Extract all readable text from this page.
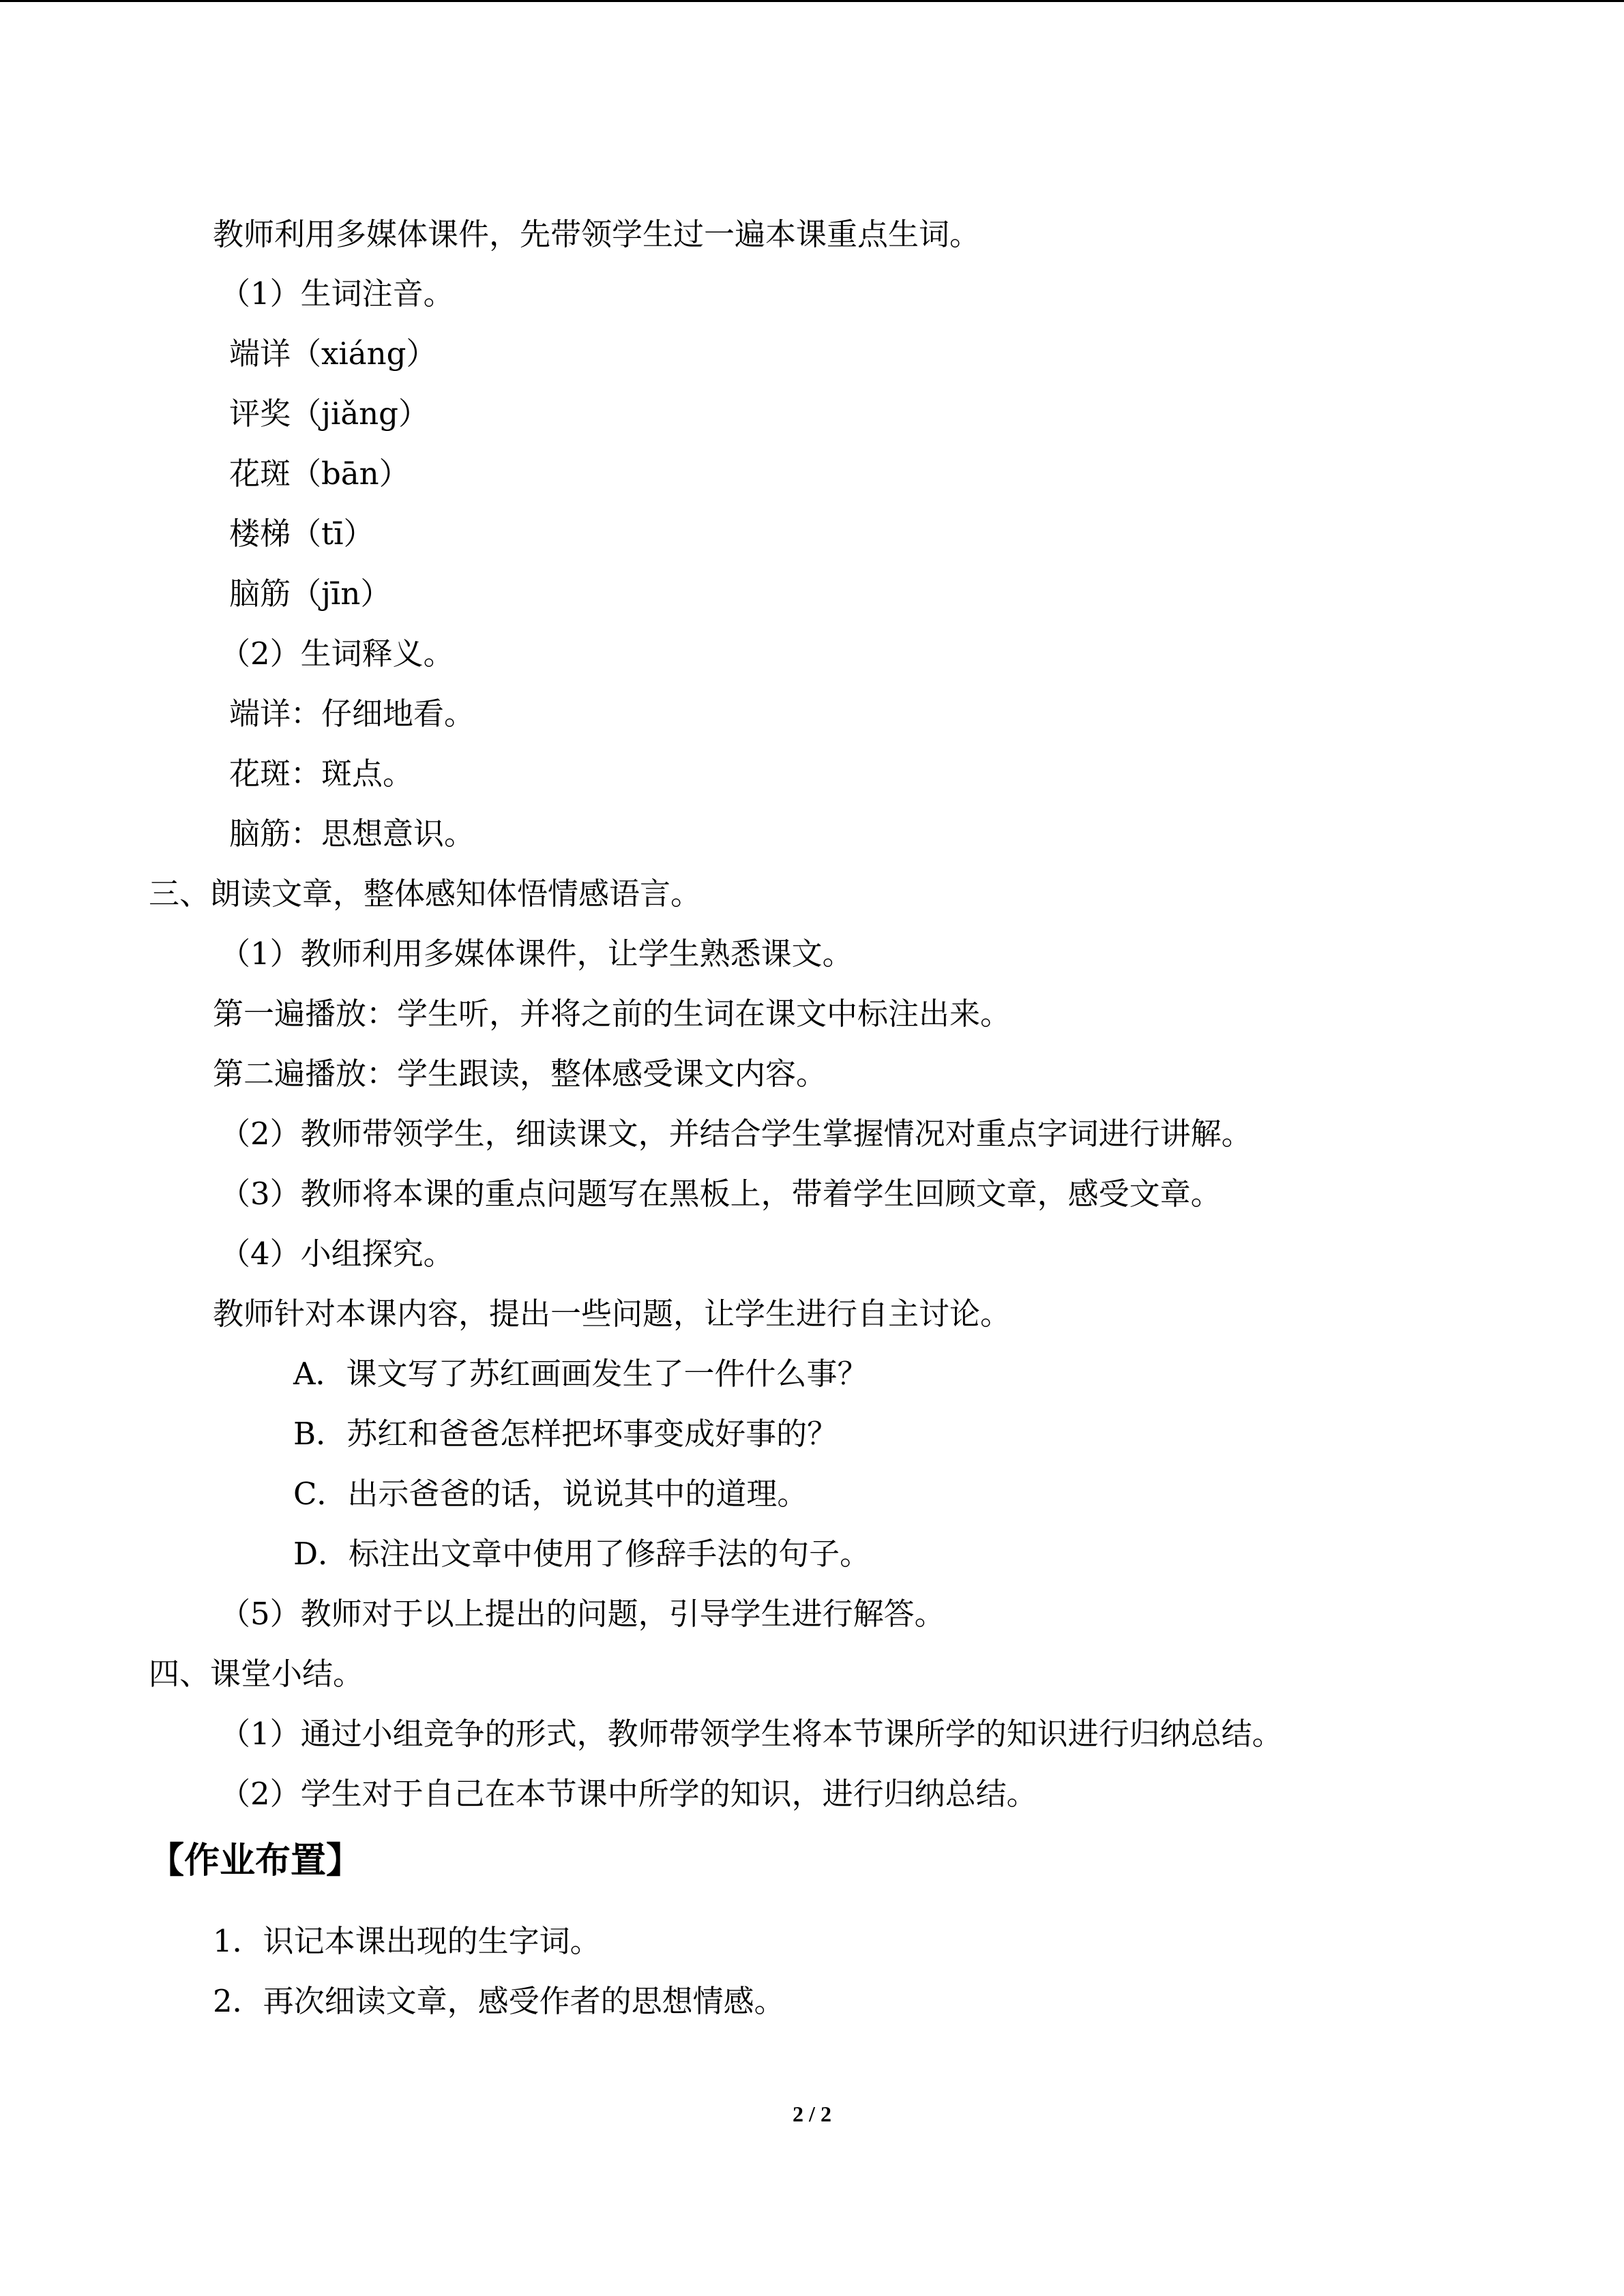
教师利用多媒体课件，先带领学生过一遍本课重点生词。
（1）生词注音。
端详（xiáng）
评奖（jiǎng）
花斑（bān）
楼梯（tī）
脑筋（jīn）
（2）生词释义。
端详：仔细地看。
花斑：斑点。
脑筋：思想意识。
三、朗读文章，整体感知体悟情感语言。
（1）教师利用多媒体课件，让学生熟悉课文。
第一遍播放：学生听，并将之前的生词在课文中标注出来。
第二遍播放：学生跟读，整体感受课文内容。
（2）教师带领学生，细读课文，并结合学生掌握情况对重点字词进行讲解。
（3）教师将本课的重点问题写在黑板上，带着学生回顾文章，感受文章。
（4）小组探究。
教师针对本课内容，提出一些问题，让学生进行自主讨论。
A．课文写了苏红画画发生了一件什么事？
B．苏红和爸爸怎样把坏事变成好事的？
C．出示爸爸的话，说说其中的道理。
D．标注出文章中使用了修辞手法的句子。
（5）教师对于以上提出的问题，引导学生进行解答。
四、课堂小结。
（1）通过小组竞争的形式，教师带领学生将本节课所学的知识进行归纳总结。
（2）学生对于自己在本节课中所学的知识，进行归纳总结。
【作业布置】
1．识记本课出现的生字词。
2．再次细读文章，感受作者的思想情感。
2 / 2
